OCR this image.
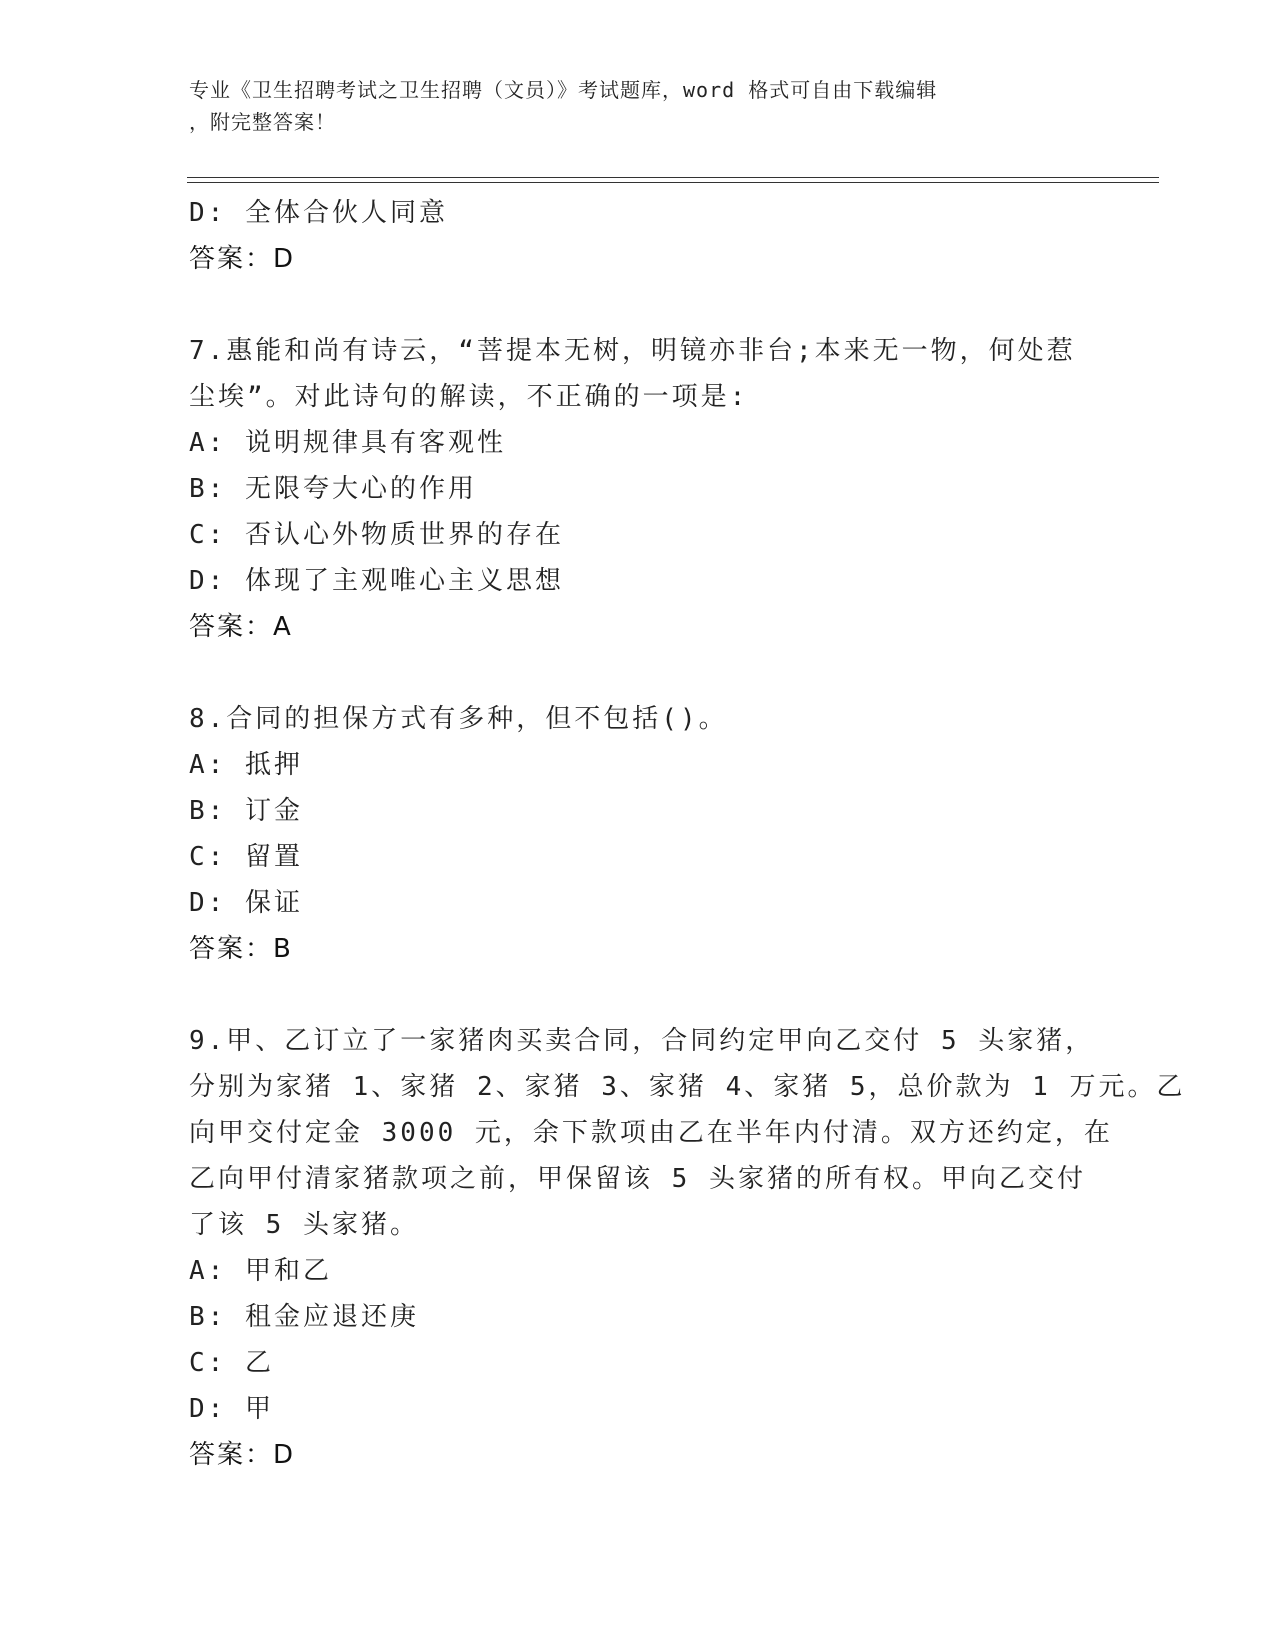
专业《卫生招聘考试之卫生招聘（文员）》考试题库，word 格式可自由下载编辑
，附完整答案！
D: 全体合伙人同意
答案：D
7.惠能和尚有诗云，“菩提本无树，明镜亦非台;本来无一物，何处惹
尘埃”。对此诗句的解读，不正确的一项是:
A: 说明规律具有客观性
B: 无限夸大心的作用
C: 否认心外物质世界的存在
D: 体现了主观唯心主义思想
答案：A
8.合同的担保方式有多种，但不包括()。
A: 抵押
B: 订金
C: 留置
D: 保证
答案：B
9.甲、乙订立了一家猪肉买卖合同，合同约定甲向乙交付 5 头家猪，
分别为家猪 1、家猪 2、家猪 3、家猪 4、家猪 5，总价款为 1 万元。乙
向甲交付定金 3000 元，余下款项由乙在半年内付清。双方还约定，在
乙向甲付清家猪款项之前，甲保留该 5 头家猪的所有权。甲向乙交付
了该 5 头家猪。
A: 甲和乙
B: 租金应退还庚
C: 乙
D: 甲
答案：D
